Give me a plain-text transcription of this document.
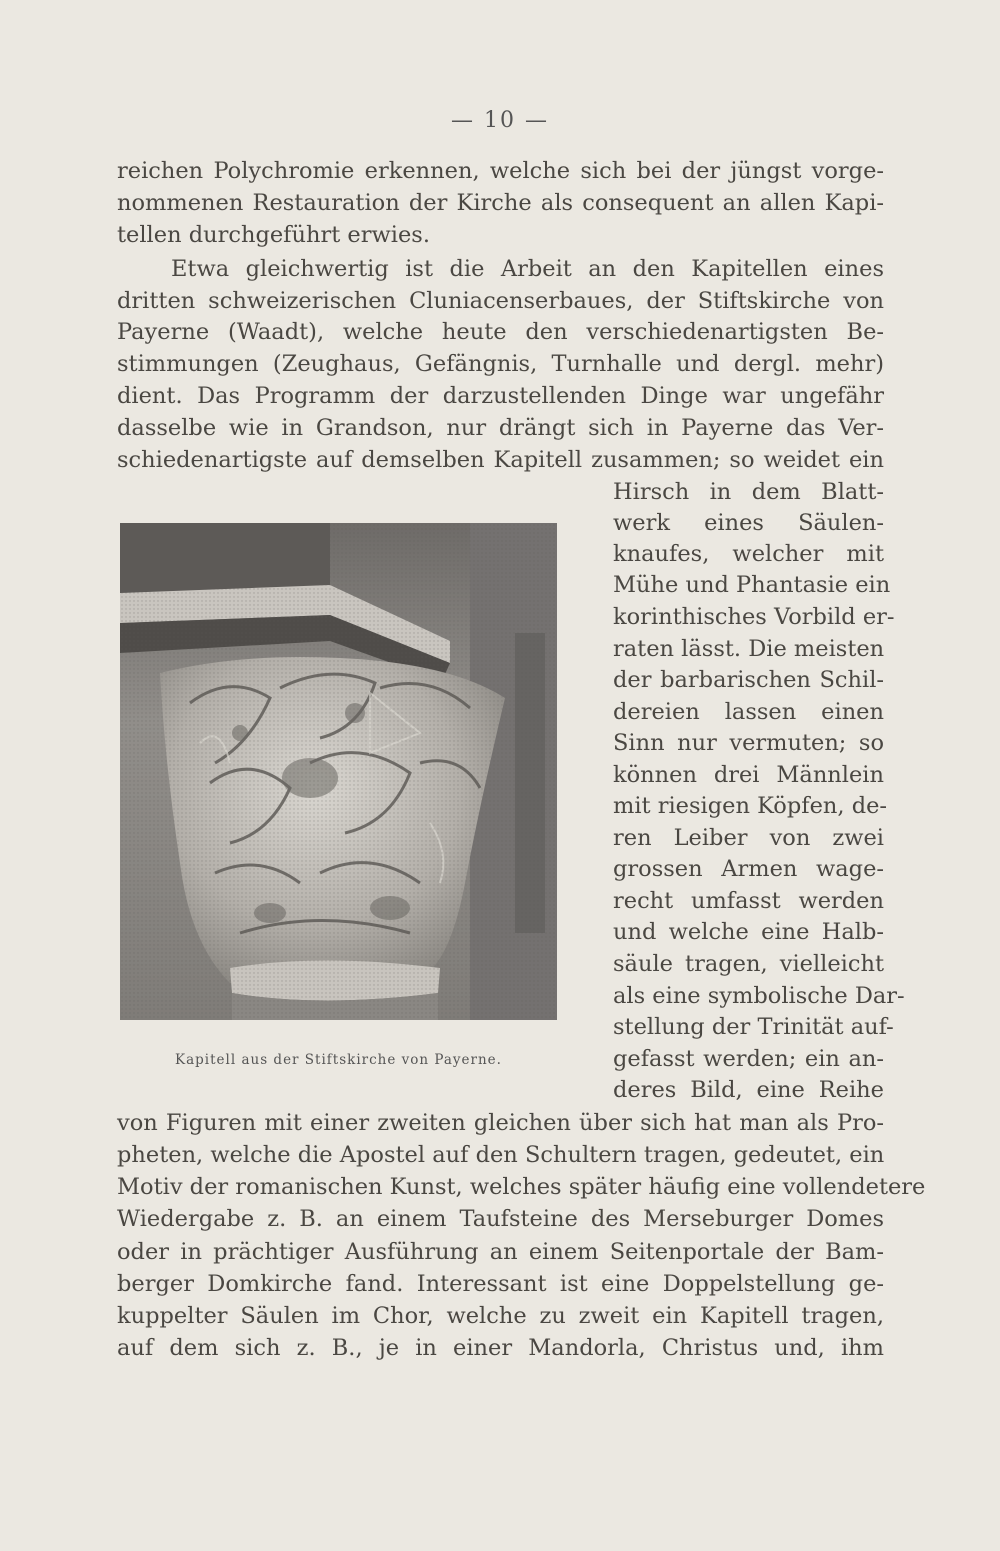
— 10 —
reichen Polychromie erkennen, welche sich bei der jüngst vorge-
nommenen Restauration der Kirche als consequent an allen Kapi-
tellen durchgeführt erwies.
Etwa gleichwertig ist die Arbeit an den Kapitellen eines
dritten schweizerischen Cluniacenserbaues, der Stiftskirche von
Payerne (Waadt), welche heute den verschiedenartigsten Be-
stimmungen (Zeughaus, Gefängnis, Turnhalle und dergl. mehr)
dient. Das Programm der darzustellenden Dinge war ungefähr
dasselbe wie in Grandson, nur drängt sich in Payerne das Ver-
schiedenartigste auf demselben Kapitell zusammen; so weidet ein
Hirsch in dem Blatt-
werk eines Säulen-
knaufes, welcher mit
Mühe und Phantasie ein
korinthisches Vorbild er-
raten lässt. Die meisten
der barbarischen Schil-
dereien lassen einen
Sinn nur vermuten; so
können drei Männlein
mit riesigen Köpfen, de-
ren Leiber von zwei
grossen Armen wage-
recht umfasst werden
und welche eine Halb-
säule tragen, vielleicht
als eine symbolische Dar-
stellung der Trinität auf-
gefasst werden; ein an-
deres Bild, eine Reihe
Kapitell aus der Stiftskirche von Payerne.
von Figuren mit einer zweiten gleichen über sich hat man als Pro-
pheten, welche die Apostel auf den Schultern tragen, gedeutet, ein
Motiv der romanischen Kunst, welches später häufig eine vollendetere
Wiedergabe z. B. an einem Taufsteine des Merseburger Domes
oder in prächtiger Ausführung an einem Seitenportale der Bam-
berger Domkirche fand. Interessant ist eine Doppelstellung ge-
kuppelter Säulen im Chor, welche zu zweit ein Kapitell tragen,
auf dem sich z. B., je in einer Mandorla, Christus und, ihm
